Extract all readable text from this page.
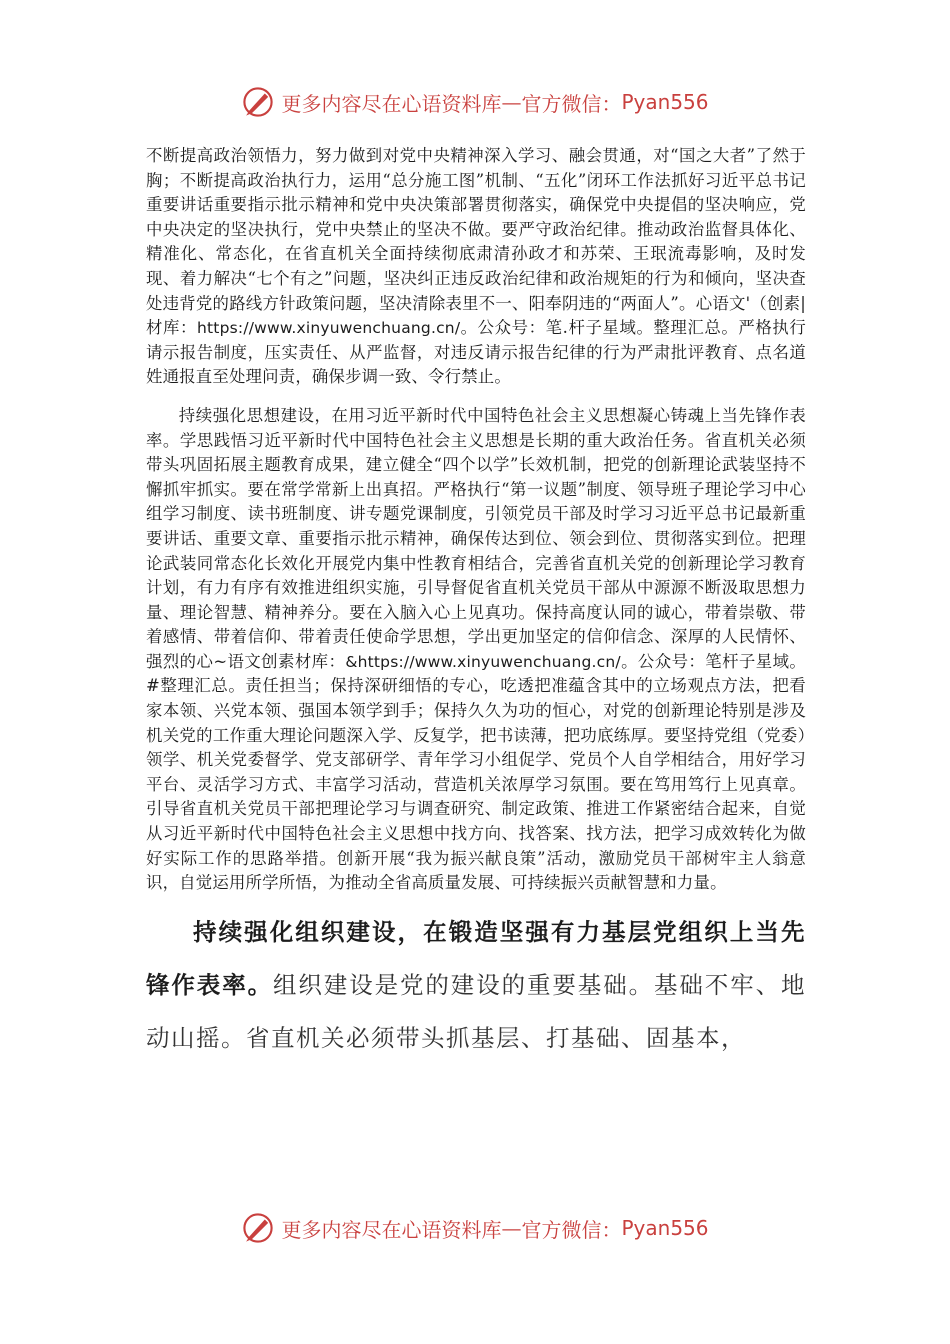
更多内容尽在心语资料库 — 官方微信： Pyan556

不断提高政治领悟力，努力做到对党中央精神深入学习、融会贯通，对“国之大者”了然于胸；不断提高政治执行力，运用“总分施工图”机制、“五化”闭环工作法抓好习近平总书记重要讲话重要指示批示精神和党中央决策部署贯彻落实，确保党中央提倡的坚决响应，党中央决定的坚决执行，党中央禁止的坚决不做。要严守政治纪律。推动政治监督具体化、精准化、常态化，在省直机关全面持续彻底肃清孙政才和苏荣、王珉流毒影响，及时发现、着力解决“七个有之”问题，坚决纠正违反政治纪律和政治规矩的行为和倾向，坚决查处违背党的路线方针政策问题，坚决清除表里不一、阳奉阴违的“两面人”。心语文'（创素|材库：https://www.xinyuwenchuang.cn/。公众号：笔.杆子星域。整理汇总。严格执行请示报告制度，压实责任、从严监督，对违反请示报告纪律的行为严肃批评教育、点名道姓通报直至处理问责，确保步调一致、令行禁止。

持续强化思想建设，在用习近平新时代中国特色社会主义思想凝心铸魂上当先锋作表率。学思践悟习近平新时代中国特色社会主义思想是长期的重大政治任务。省直机关必须带头巩固拓展主题教育成果，建立健全“四个以学”长效机制，把党的创新理论武装坚持不懈抓牢抓实。要在常学常新上出真招。严格执行“第一议题”制度、领导班子理论学习中心组学习制度、读书班制度、讲专题党课制度，引领党员干部及时学习习近平总书记最新重要讲话、重要文章、重要指示批示精神，确保传达到位、领会到位、贯彻落实到位。把理论武装同常态化长效化开展党内集中性教育相结合，完善省直机关党的创新理论学习教育计划，有力有序有效推进组织实施，引导督促省直机关党员干部从中源源不断汲取思想力量、理论智慧、精神养分。要在入脑入心上见真功。保持高度认同的诚心，带着崇敬、带着感情、带着信仰、带着责任使命学思想，学出更加坚定的信仰信念、深厚的人民情怀、强烈的心~语文创素材库：&https://www.xinyuwenchuang.cn/。公众号：笔杆子星域。#整理汇总。责任担当；保持深研细悟的专心，吃透把准蕴含其中的立场观点方法，把看家本领、兴党本领、强国本领学到手；保持久久为功的恒心，对党的创新理论特别是涉及机关党的工作重大理论问题深入学、反复学，把书读薄，把功底练厚。要坚持党组（党委）领学、机关党委督学、党支部研学、青年学习小组促学、党员个人自学相结合，用好学习平台、灵活学习方式、丰富学习活动，营造机关浓厚学习氛围。要在笃用笃行上见真章。引导省直机关党员干部把理论学习与调查研究、制定政策、推进工作紧密结合起来，自觉从习近平新时代中国特色社会主义思想中找方向、找答案、找方法，把学习成效转化为做好实际工作的思路举措。创新开展“我为振兴献良策”活动，激励党员干部树牢主人翁意识，自觉运用所学所悟，为推动全省高质量发展、可持续振兴贡献智慧和力量。

持续强化组织建设，在锻造坚强有力基层党组织上当先锋作表率。组织建设是党的建设的重要基础。基础不牢、地动山摇。省直机关必须带头抓基层、打基础、固基本，

更多内容尽在心语资料库 — 官方微信： Pyan556
